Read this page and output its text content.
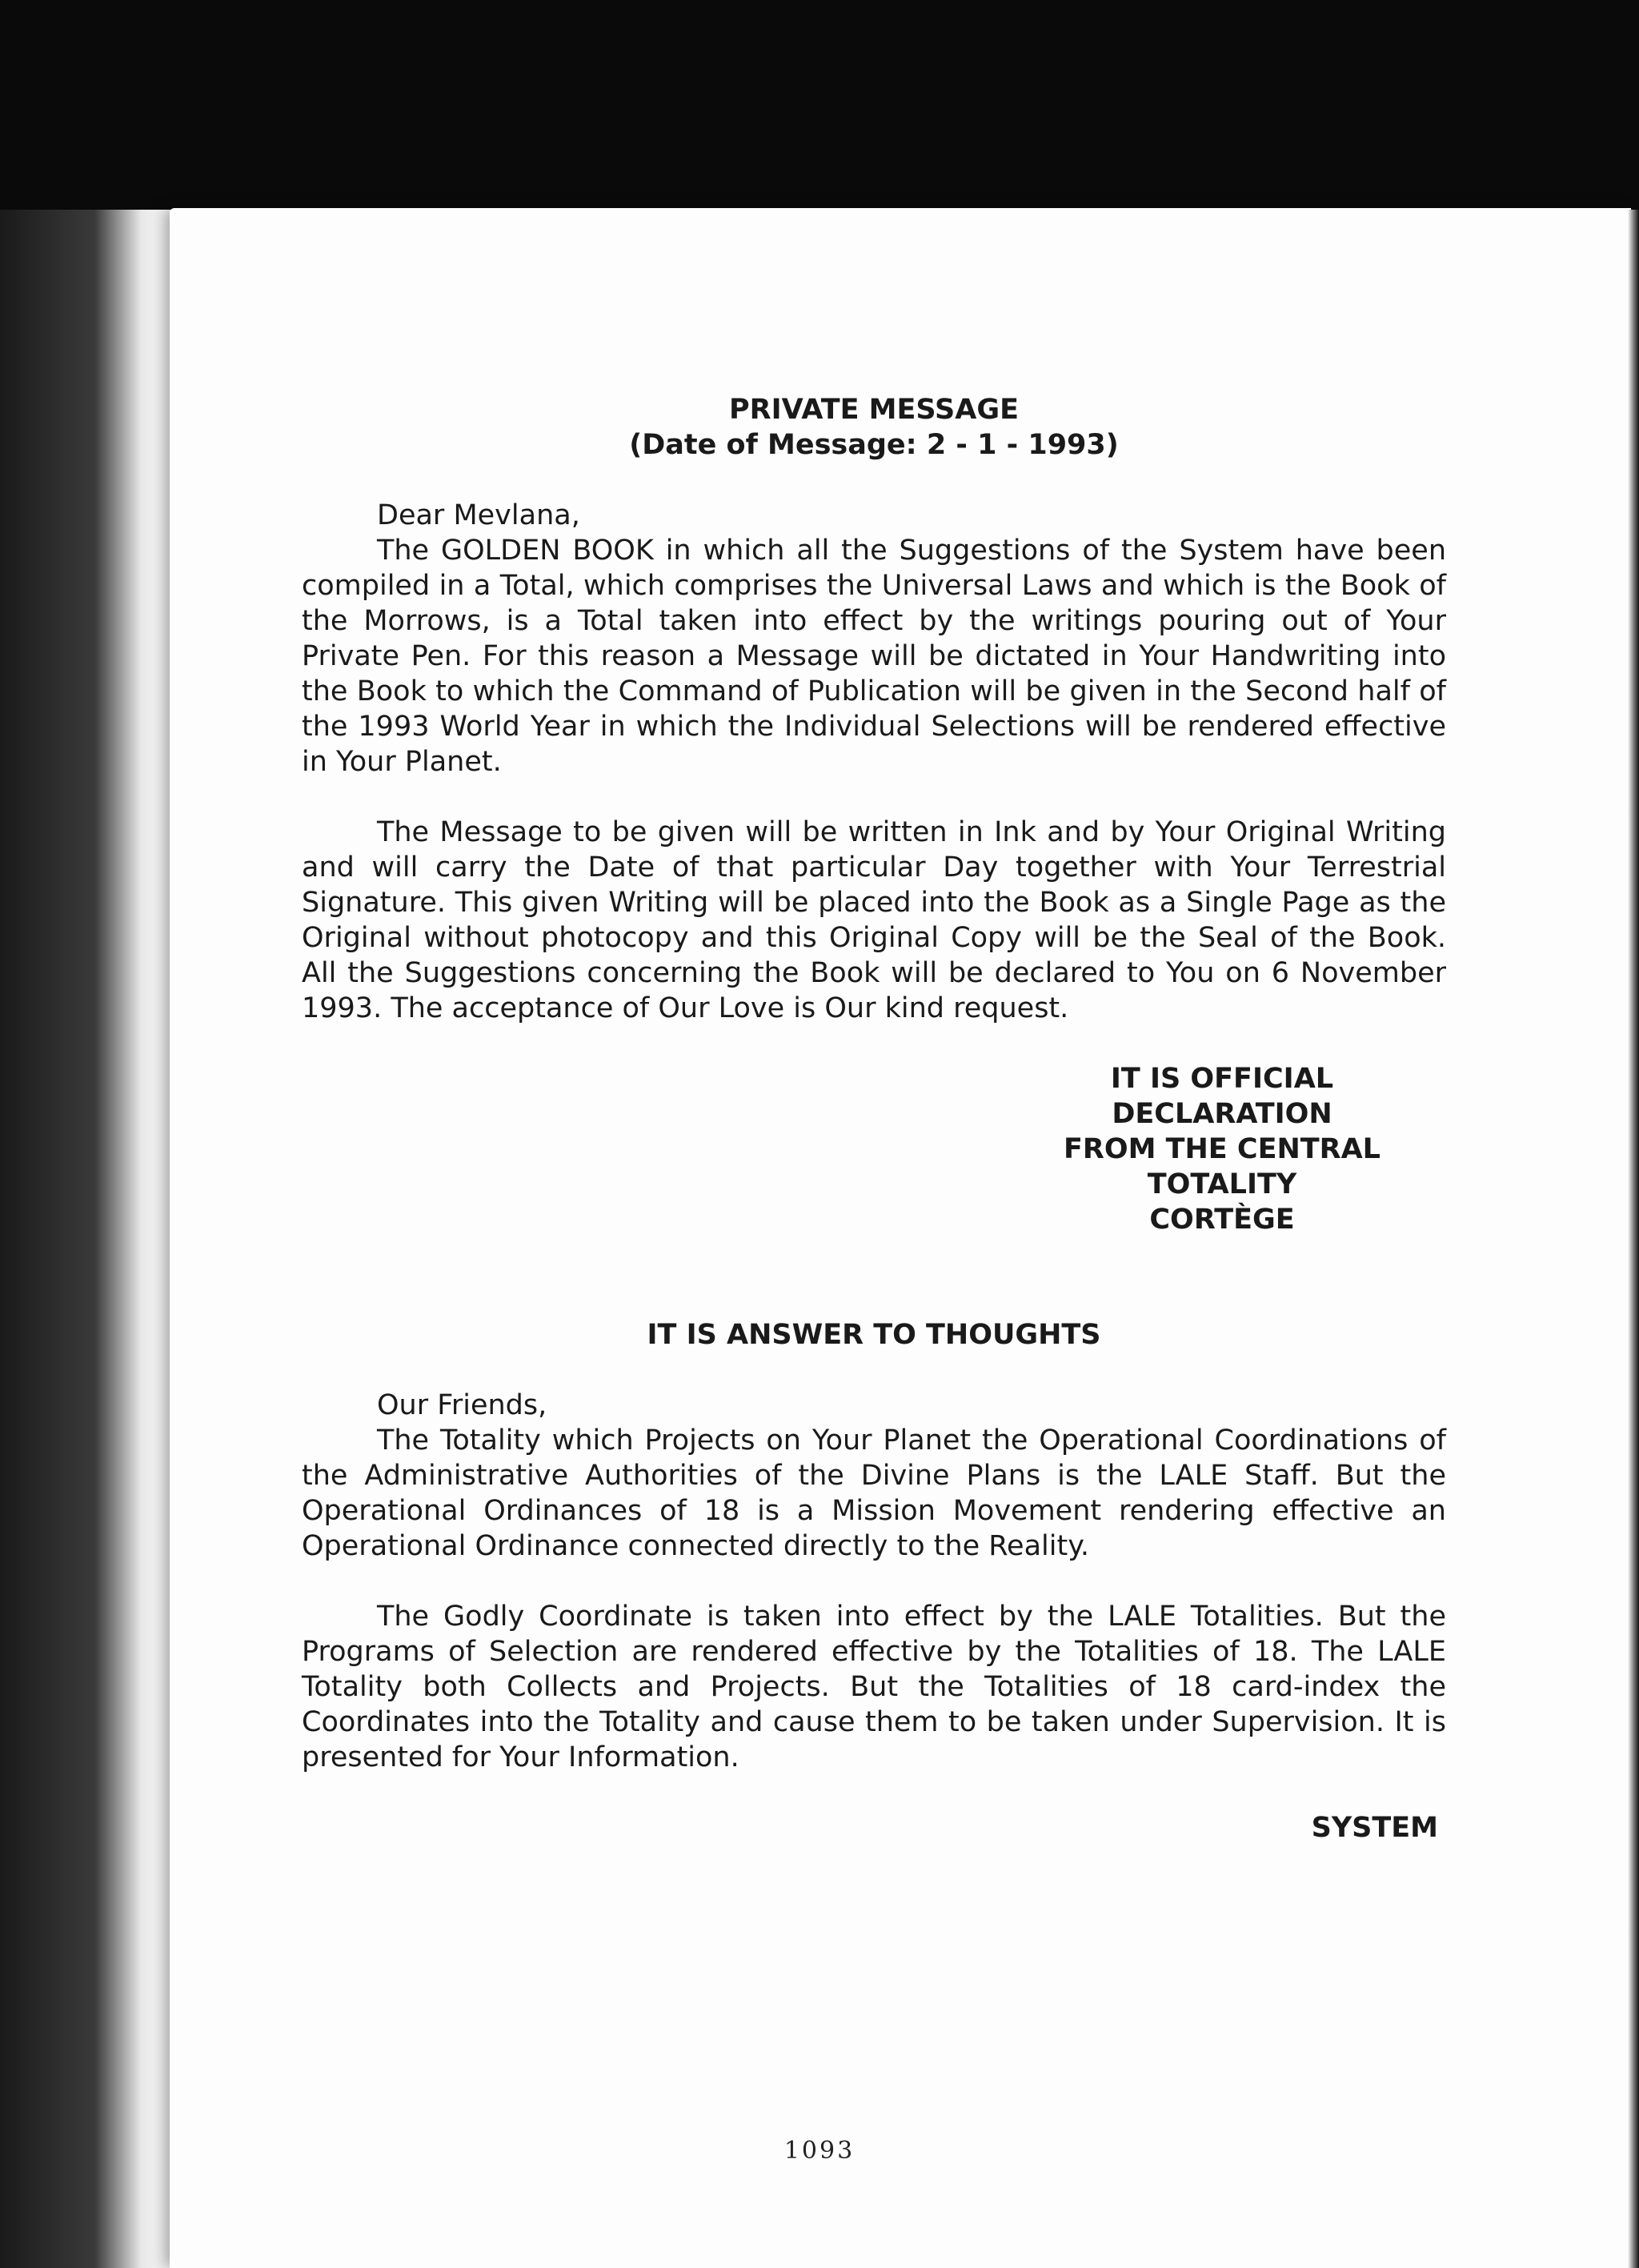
PRIVATE MESSAGE
(Date of Message: 2 - 1 - 1993)
Dear Mevlana,

The GOLDEN BOOK in which all the Suggestions of the System have been compiled in a Total, which comprises the Universal Laws and which is the Book of the Morrows, is a Total taken into effect by the writings pouring out of Your Private Pen. For this reason a Message will be dictated in Your Handwriting into the Book to which the Command of Publication will be given in the Second half of the 1993 World Year in which the Individual Selections will be rendered effective in Your Planet.

The Message to be given will be written in Ink and by Your Original Writing and will carry the Date of that particular Day together with Your Terrestrial Signature. This given Writing will be placed into the Book as a Single Page as the Original without photocopy and this Original Copy will be the Seal of the Book. All the Suggestions concerning the Book will be declared to You on 6 November 1993. The acceptance of Our Love is Our kind request.

IT IS OFFICIAL DECLARATION
FROM THE CENTRAL TOTALITY
CORTÈGE
IT IS ANSWER TO THOUGHTS
Our Friends,

The Totality which Projects on Your Planet the Operational Coordinations of the Administrative Authorities of the Divine Plans is the LALE Staff. But the Operational Ordinances of 18 is a Mission Movement rendering effective an Operational Ordinance connected directly to the Reality.

The Godly Coordinate is taken into effect by the LALE Totalities. But the Programs of Selection are rendered effective by the Totalities of 18. The LALE Totality both Collects and Projects. But the Totalities of 18 card-index the Coordinates into the Totality and cause them to be taken under Supervision. It is presented for Your Information.

SYSTEM
1093
